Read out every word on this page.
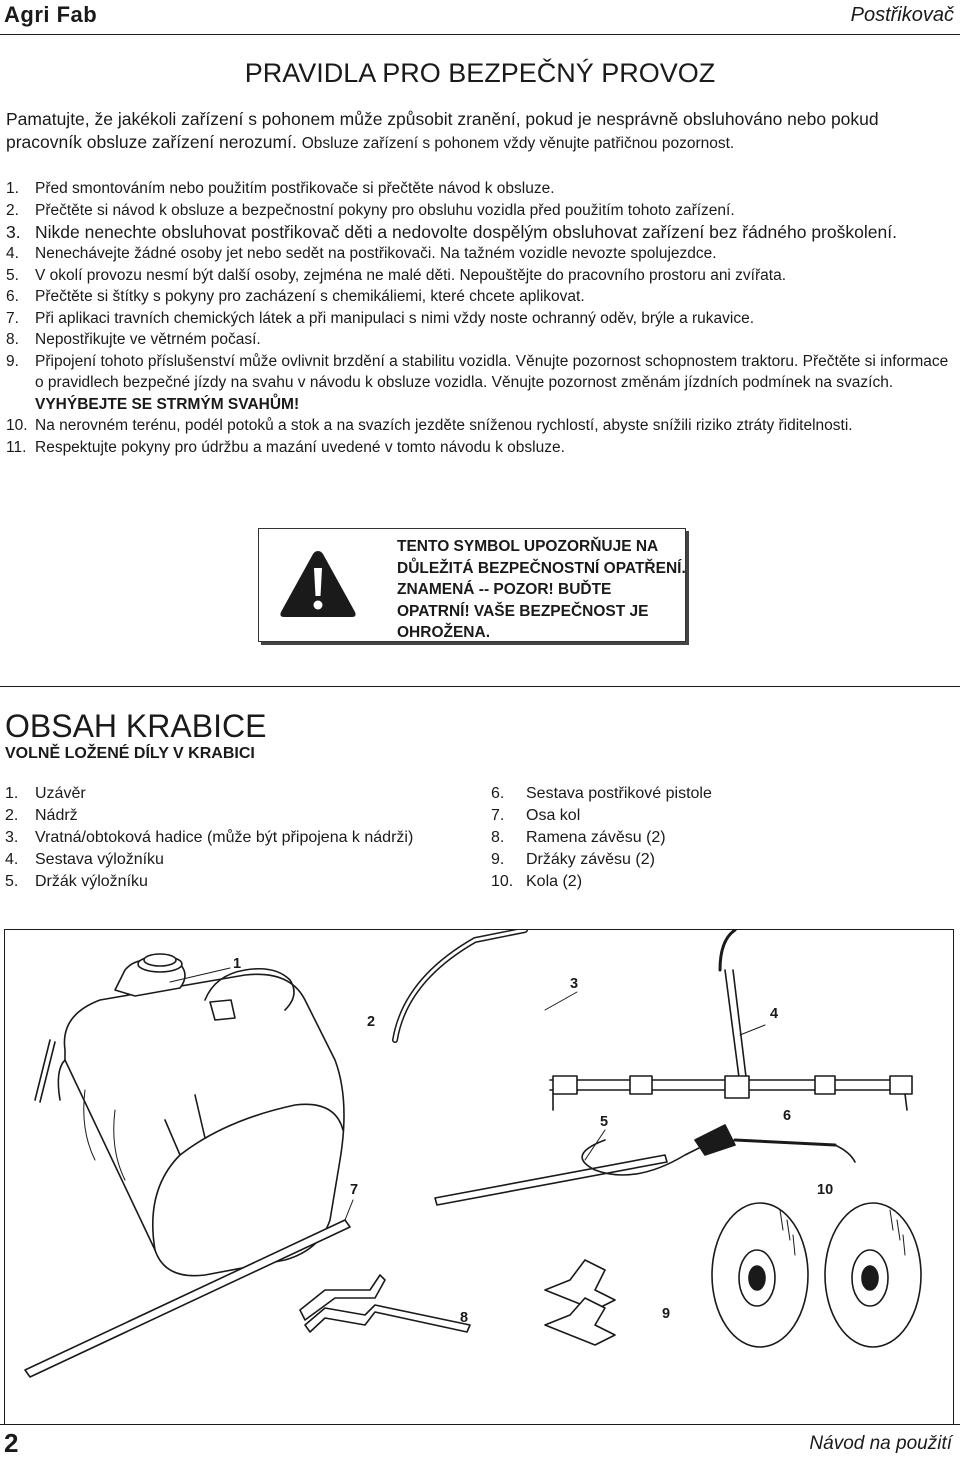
Agri Fab	Postřikovač
PRAVIDLA PRO BEZPEČNÝ PROVOZ
Pamatujte, že jakékoli zařízení s pohonem může způsobit zranění, pokud je nesprávně obsluhováno nebo pokud pracovník obsluze zařízení nerozumí. Obsluze zařízení s pohonem vždy věnujte patřičnou pozornost.
1.	Před smontováním nebo použitím postřikovače si přečtěte návod k obsluze.
2.	Přečtěte si návod k obsluze a bezpečnostní pokyny pro obsluhu vozidla před použitím tohoto zařízení.
3. Nikde nenechte obsluhovat postřikovač děti a nedovolte dospělým obsluhovat zařízení bez řádného proškolení.
4.	Nenechávejte žádné osoby jet nebo sedět na postřikovači. Na tažném vozidle nevozte spolujezdce.
5.	V okolí provozu nesmí být další osoby, zejména ne malé děti. Nepouštějte do pracovního prostoru ani zvířata.
6.	Přečtěte si štítky s pokyny pro zacházení s chemikáliemi, které chcete aplikovat.
7.	Při aplikaci travních chemických látek a při manipulaci s nimi vždy noste ochranný oděv, brýle a rukavice.
8.	Nepostřikujte ve větrném počasí.
9.	Připojení tohoto příslušenství může ovlivnit brzdění a stabilitu vozidla. Věnujte pozornost schopnostem traktoru. Přečtěte si informace o pravidlech bezpečné jízdy na svahu v návodu k obsluze vozidla. Věnujte pozornost změnám jízdních podmínek na svazích. VYHÝBEJTE SE STRMÝM SVAHŮM!
10. Na nerovném terénu, podél potoků a stok a na svazích jezděte sníženou rychlostí, abyste snížili riziko ztráty řiditelnosti.
11. Respektujte pokyny pro údržbu a mazání uvedené v tomto návodu k obsluze.
TENTO SYMBOL UPOZORŇUJE NA DŮLEŽITÁ BEZPEČNOSTNÍ OPATŘENÍ. ZNAMENÁ -- POZOR! BUĎTE OPATRNÍ! VAŠE BEZPEČNOST JE OHROŽENA.
OBSAH KRABICE
VOLNĚ LOŽENÉ DÍLY V KRABICI
1.	Uzávěr
2.	Nádrž
3.	Vratná/obtoková hadice (může být připojena k nádrži)
4.	Sestava výložníku
5.	Držák výložníku
6.	Sestava postřikové pistole
7.	Osa kol
8.	Ramena závěsu (2)
9.	Držáky závěsu (2)
10. Kola (2)
1
2
3
4
5	6
7
8	9
10
2	Návod na použití
